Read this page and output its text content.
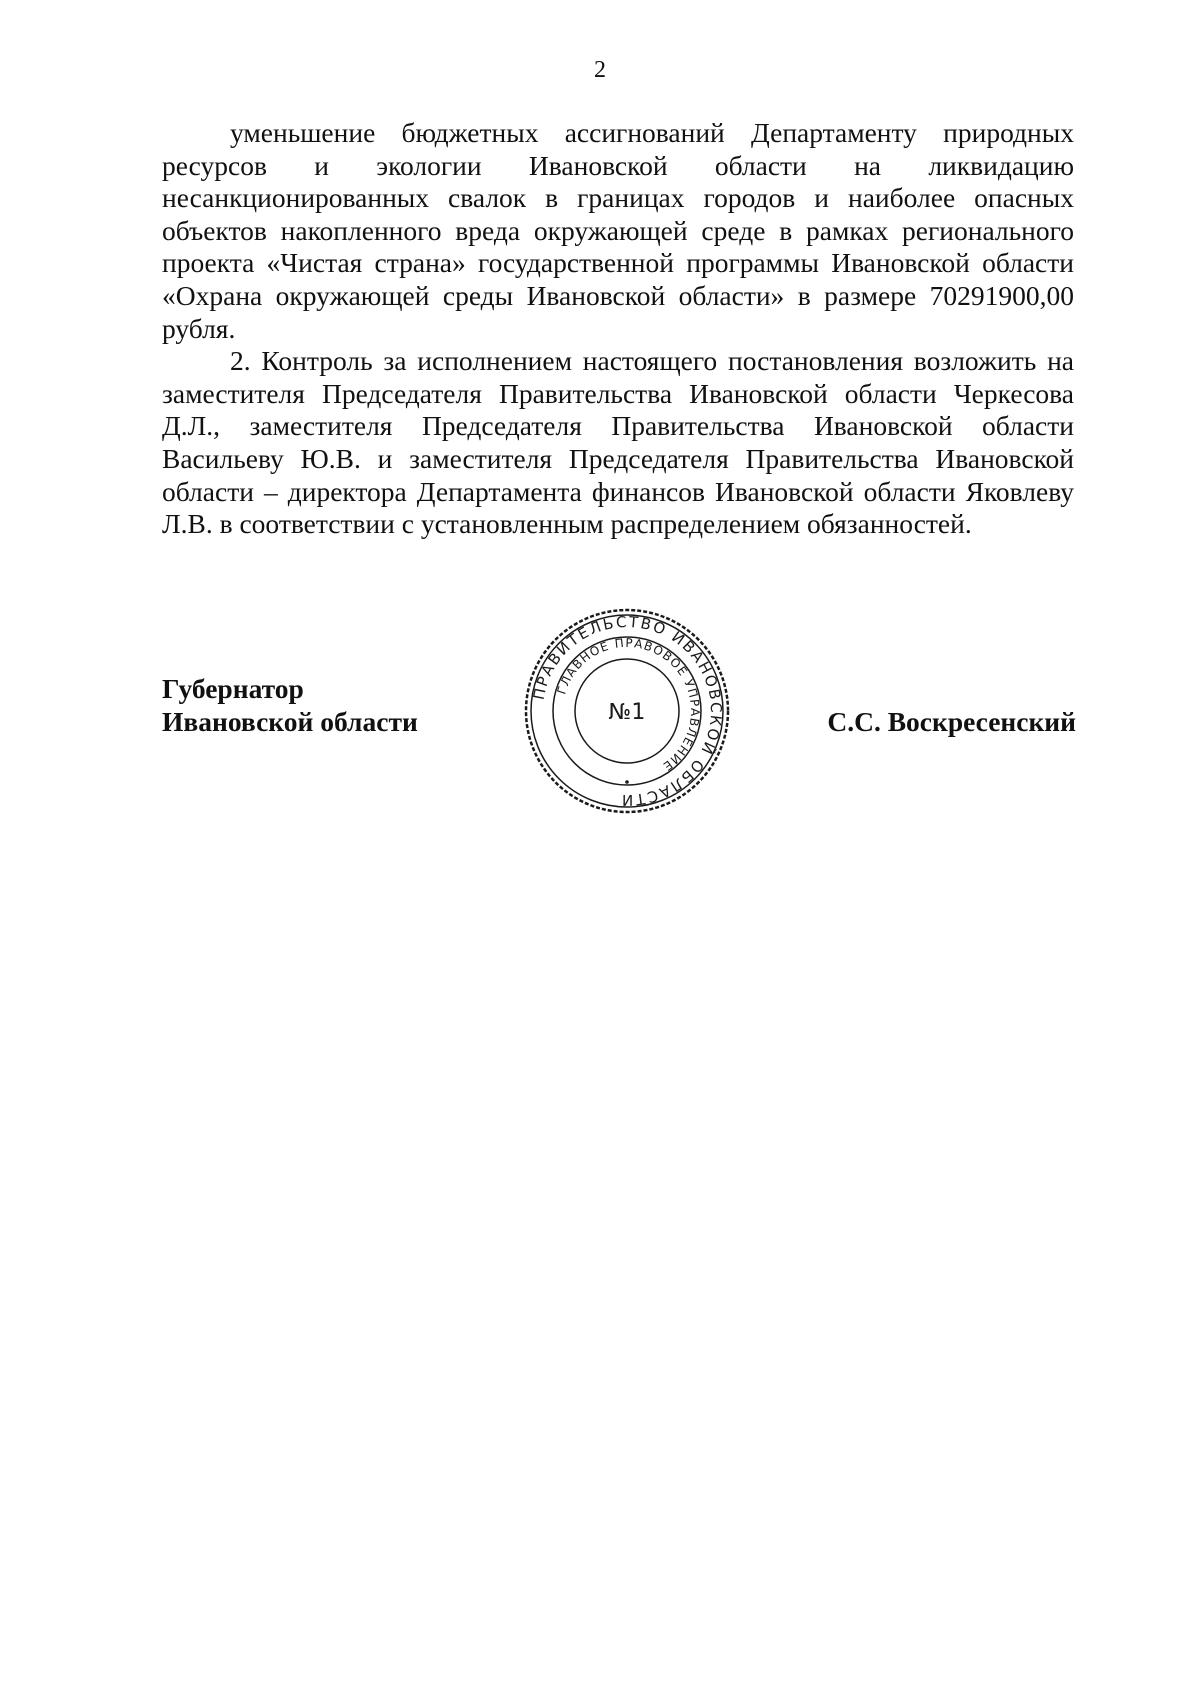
2

уменьшение бюджетных ассигнований Департаменту природных ресурсов и экологии Ивановской области на ликвидацию несанкционированных свалок в границах городов и наиболее опасных объектов накопленного вреда окружающей среде в рамках регионального проекта «Чистая страна» государственной программы Ивановской области «Охрана окружающей среды Ивановской области» в размере 70291900,00 рубля.

2. Контроль за исполнением настоящего постановления возложить на заместителя Председателя Правительства Ивановской области Черкесова Д.Л., заместителя Председателя Правительства Ивановской области Васильеву Ю.В. и заместителя Председателя Правительства Ивановской области – директора Департамента финансов Ивановской области Яковлеву Л.В. в соответствии с установленным распределением обязанностей.

Губернатор
Ивановской области	С.С. Воскресенский
ПРАВИТЕЛЬСТВО ИВАНОВСКОЙ ОБЛАСТИ
ГЛАВНОЕ ПРАВОВОЕ УПРАВЛЕНИЕ
№1
